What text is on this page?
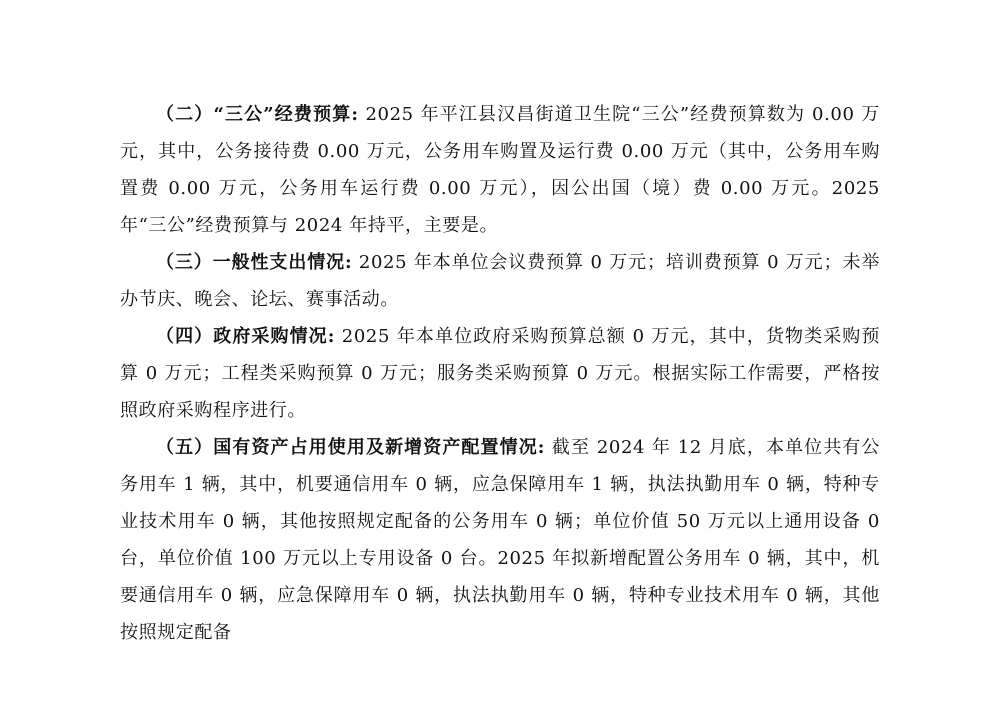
（二）“三公”经费预算: 2025 年平江县汉昌街道卫生院“三公”经费预算数为 0.00 万元，其中，公务接待费 0.00 万元，公务用车购置及运行费 0.00 万元（其中，公务用车购置费 0.00 万元，公务用车运行费 0.00 万元），因公出国（境）费 0.00 万元。2025 年“三公”经费预算与 2024 年持平，主要是。

（三）一般性支出情况: 2025 年本单位会议费预算 0 万元；培训费预算 0 万元；未举办节庆、晚会、论坛、赛事活动。

（四）政府采购情况: 2025 年本单位政府采购预算总额 0 万元，其中，货物类采购预算 0 万元；工程类采购预算 0 万元；服务类采购预算 0 万元。根据实际工作需要，严格按照政府采购程序进行。

（五）国有资产占用使用及新增资产配置情况: 截至 2024 年 12 月底，本单位共有公务用车 1 辆，其中，机要通信用车 0 辆，应急保障用车 1 辆，执法执勤用车 0 辆，特种专业技术用车 0 辆，其他按照规定配备的公务用车 0 辆；单位价值 50 万元以上通用设备 0 台，单位价值 100 万元以上专用设备 0 台。2025 年拟新增配置公务用车 0 辆，其中，机要通信用车 0 辆，应急保障用车 0 辆，执法执勤用车 0 辆，特种专业技术用车 0 辆，其他按照规定配备
